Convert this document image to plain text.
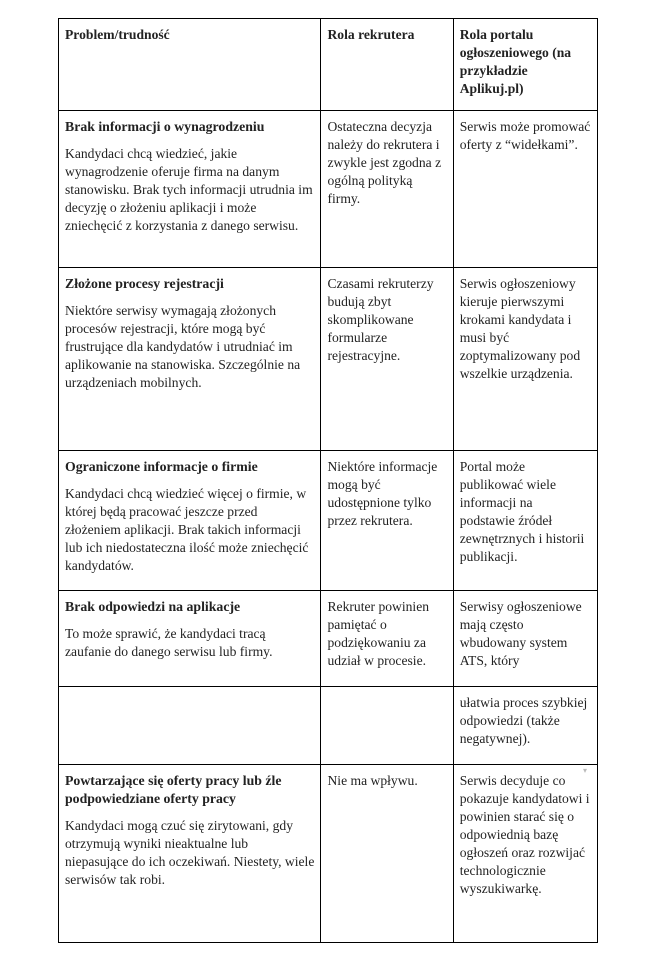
Problem/trudność	Rola rekrutera	Rola portalu ogłoszeniowego (na przykładzie Aplikuj.pl)

Brak informacji o wynagrodzeniu
Kandydaci chcą wiedzieć, jakie wynagrodzenie oferuje firma na danym stanowisku. Brak tych informacji utrudnia im decyzję o złożeniu aplikacji i może zniechęcić z korzystania z danego serwisu.	Ostateczna decyzja należy do rekrutera i zwykle jest zgodna z ogólną polityką firmy.	Serwis może promować oferty z “widełkami”.

Złożone procesy rejestracji
Niektóre serwisy wymagają złożonych procesów rejestracji, które mogą być frustrujące dla kandydatów i utrudniać im aplikowanie na stanowiska. Szczególnie na urządzeniach mobilnych.	Czasami rekruterzy budują zbyt skomplikowane formularze rejestracyjne.	Serwis ogłoszeniowy kieruje pierwszymi krokami kandydata i musi być zoptymalizowany pod wszelkie urządzenia.

Ograniczone informacje o firmie
Kandydaci chcą wiedzieć więcej o firmie, w której będą pracować jeszcze przed złożeniem aplikacji. Brak takich informacji lub ich niedostateczna ilość może zniechęcić kandydatów.	Niektóre informacje mogą być udostępnione tylko przez rekrutera.	Portal może publikować wiele informacji na podstawie źródeł zewnętrznych i historii publikacji.

Brak odpowiedzi na aplikacje
To może sprawić, że kandydaci tracą zaufanie do danego serwisu lub firmy.	Rekruter powinien pamiętać o podziękowaniu za udział w procesie.	Serwisy ogłoszeniowe mają często wbudowany system ATS, który
		ułatwia proces szybkiej odpowiedzi (także negatywnej).

Powtarzające się oferty pracy lub źle podpowiedziane oferty pracy
Kandydaci mogą czuć się zirytowani, gdy otrzymują wyniki nieaktualne lub niepasujące do ich oczekiwań. Niestety, wiele serwisów tak robi.	Nie ma wpływu.	Serwis decyduje co pokazuje kandydatowi i powinien starać się o odpowiednią bazę ogłoszeń oraz rozwijać technologicznie wyszukiwarkę.
▾
